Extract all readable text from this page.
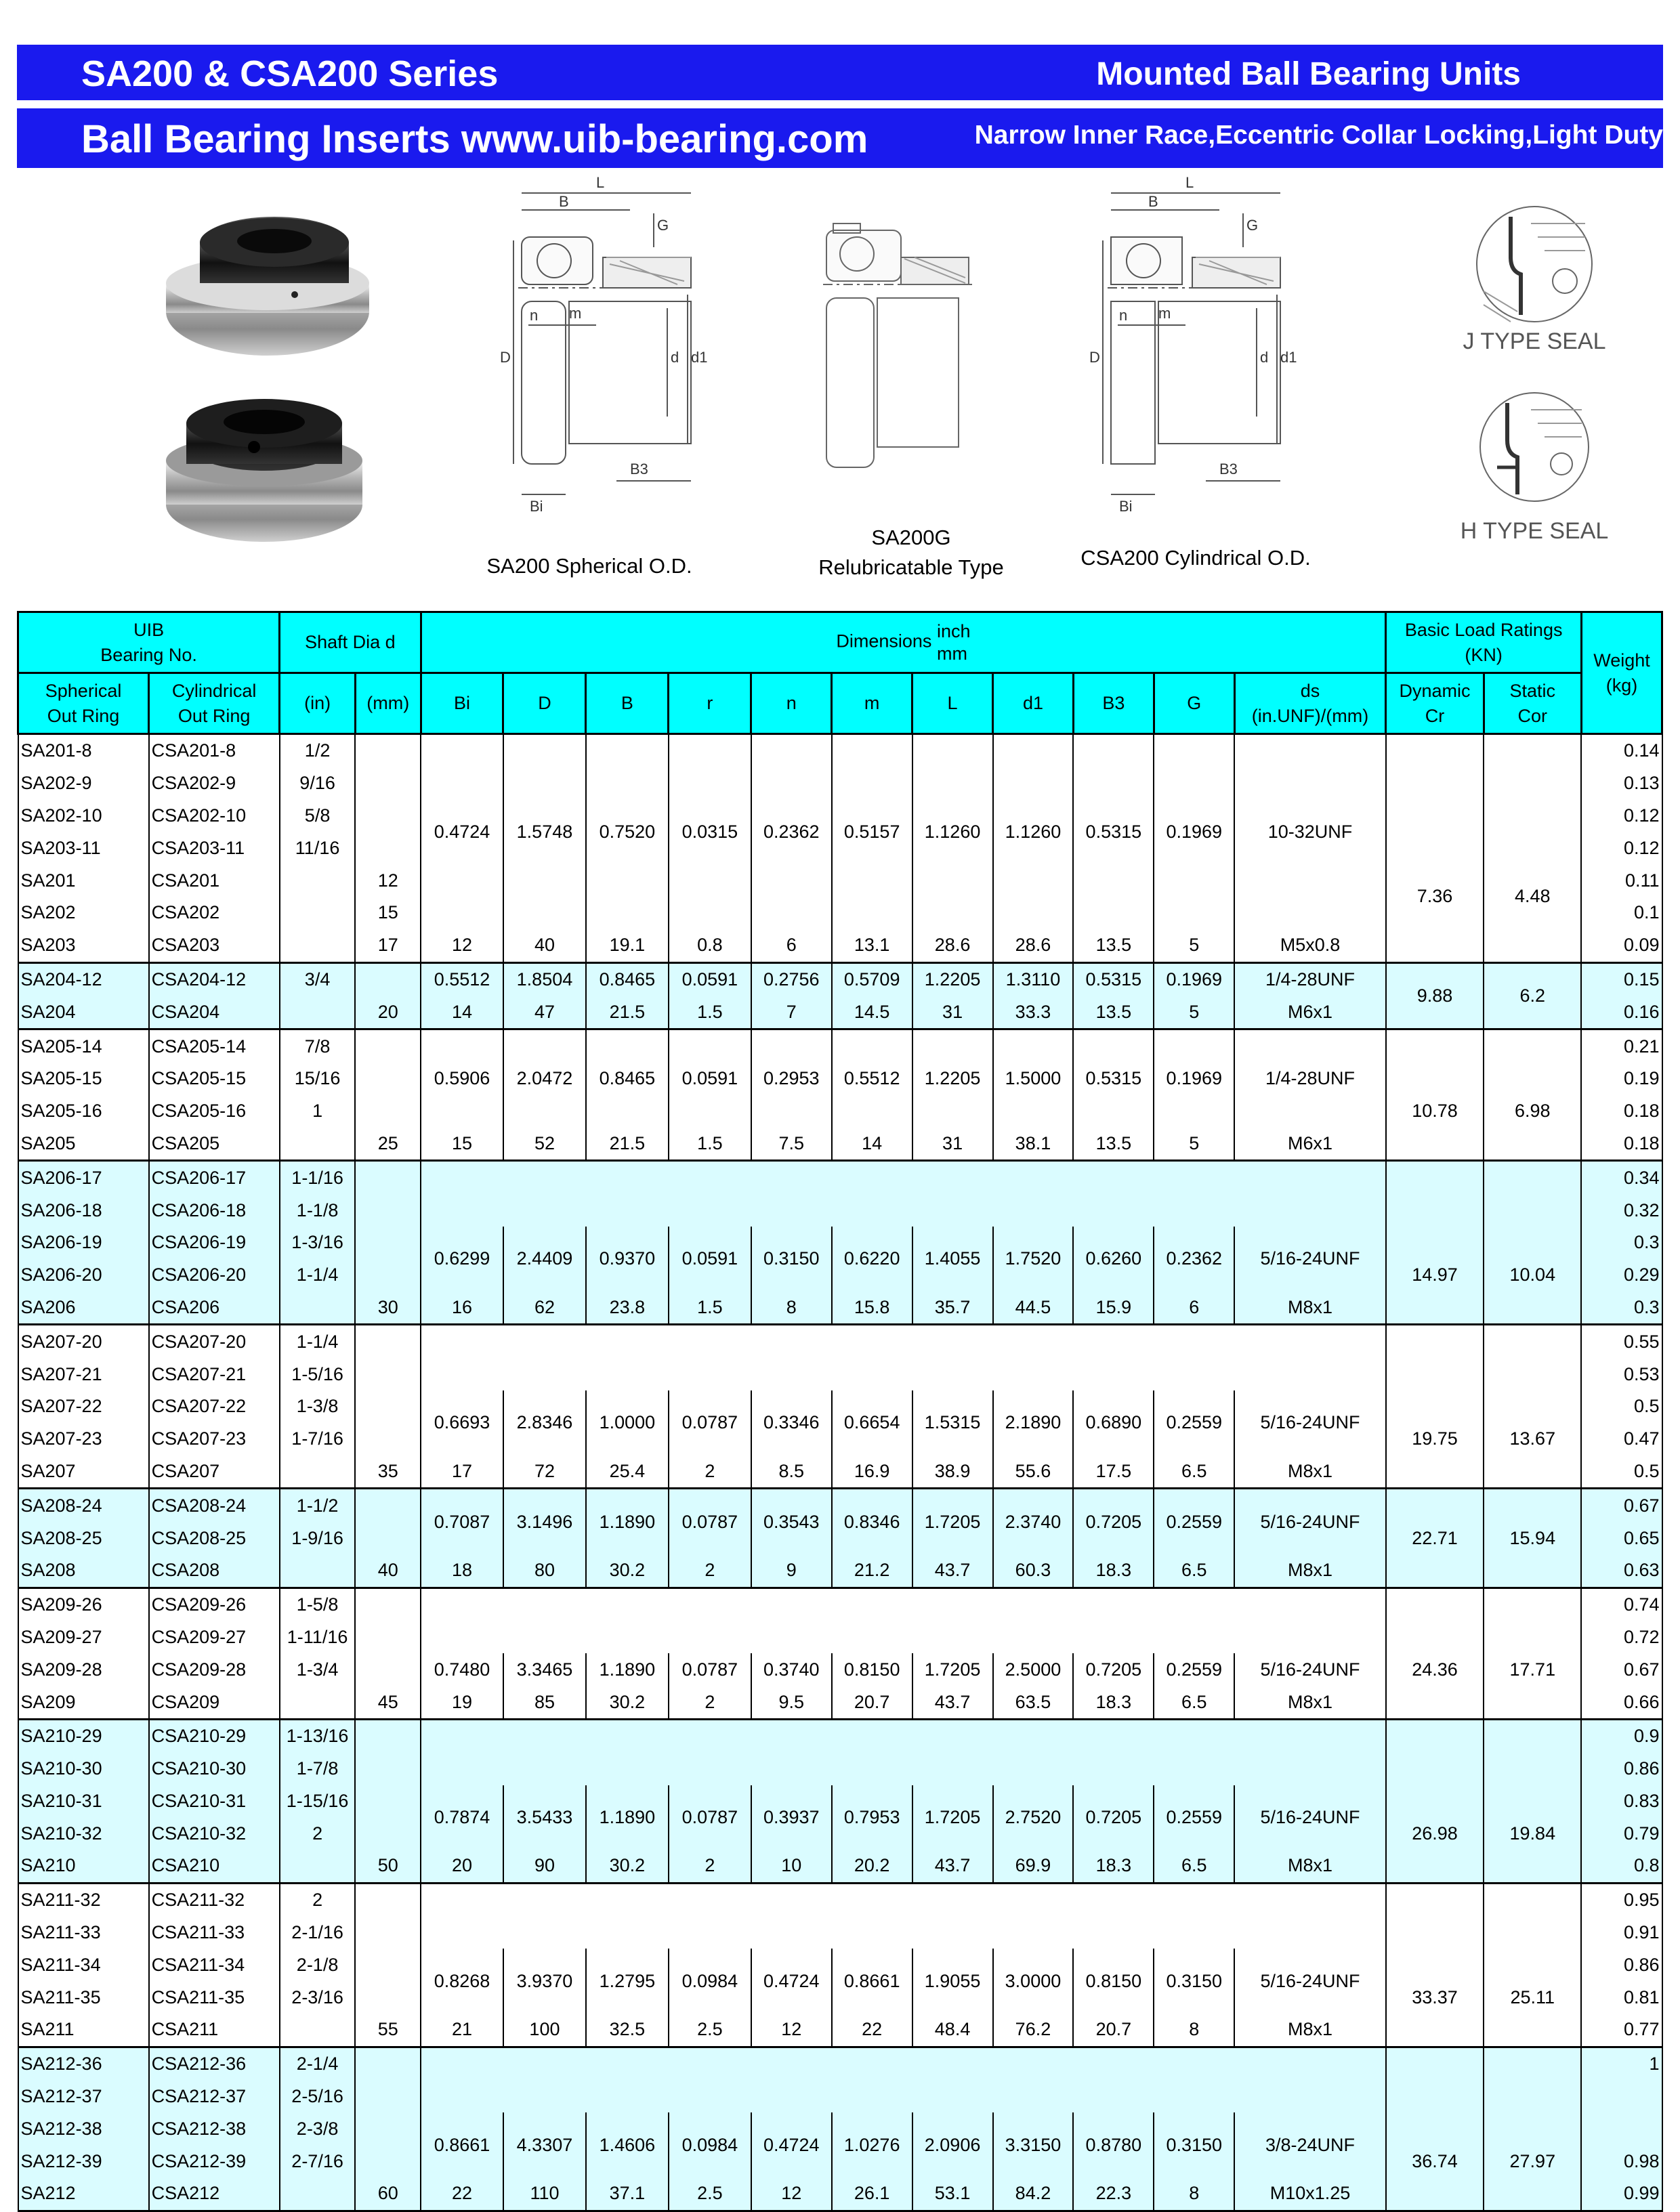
SA200 & CSA200 Series	Mounted Ball Bearing Units
Ball Bearing Inserts www.uib-bearing.com	Narrow Inner Race,Eccentric Collar Locking,Light Duty
L
B
G
D
n m
d d1
Bi
B3
L
B
G
D
n m
d d1
Bi
B3
J TYPE SEAL
H TYPE SEAL
SA200 Spherical O.D.
SA200G
Relubricatable Type	CSA200 Cylindrical O.D.
UIB
Bearing No.		Shaft Dia d		Dimensions inch
mm											Basic Load Ratings
(KN)		Weight
(kg)
Spherical
Out Ring	Cylindrical
Out Ring	(in)	(mm)	Bi	D	B	r	n	m	L	d1	B3	G	ds
(in.UNF)/(mm)	Dynamic
Cr	Static
Cor	
SA201-8	CSA201-8	1/2		0.4724	1.5748	0.7520	0.0315	0.2362	0.5157	1.1260	1.1260	0.5315	0.1969	10-32UNF			0.14
SA202-9	CSA202-9	9/16															0.13
SA202-10	CSA202-10	5/8															0.12
SA203-11	CSA203-11	11/16													7.36	4.48	0.12
SA201	CSA201		12														0.11
SA202	CSA202		15														0.1
SA203	CSA203		17	12	40	19.1	0.8	6	13.1	28.6	28.6	13.5	5	M5x0.8			0.09
SA204-12	CSA204-12	3/4		0.5512	1.8504	0.8465	0.0591	0.2756	0.5709	1.2205	1.3110	0.5315	0.1969	1/4-28UNF	9.88	6.2	0.15
SA204	CSA204		20	14	47	21.5	1.5	7	14.5	31	33.3	13.5	5	M6x1			0.16
SA205-14	CSA205-14	7/8		0.5906	2.0472	0.8465	0.0591	0.2953	0.5512	1.2205	1.5000	0.5315	0.1969	1/4-28UNF			0.21
SA205-15	CSA205-15	15/16													10.78	6.98	0.19
SA205-16	CSA205-16	1															0.18
SA205	CSA205		25	15	52	21.5	1.5	7.5	14	31	38.1	13.5	5	M6x1			0.18
SA206-17	CSA206-17	1-1/16															0.34
SA206-18	CSA206-18	1-1/8															0.32
SA206-19	CSA206-19	1-3/16		0.6299	2.4409	0.9370	0.0591	0.3150	0.6220	1.4055	1.7520	0.6260	0.2362	5/16-24UNF	14.97	10.04	0.3
SA206-20	CSA206-20	1-1/4															0.29
SA206	CSA206		30	16	62	23.8	1.5	8	15.8	35.7	44.5	15.9	6	M8x1			0.3
SA207-20	CSA207-20	1-1/4															0.55
SA207-21	CSA207-21	1-5/16															0.53
SA207-22	CSA207-22	1-3/8		0.6693	2.8346	1.0000	0.0787	0.3346	0.6654	1.5315	2.1890	0.6890	0.2559	5/16-24UNF	19.75	13.67	0.5
SA207-23	CSA207-23	1-7/16															0.47
SA207	CSA207		35	17	72	25.4	2	8.5	16.9	38.9	55.6	17.5	6.5	M8x1			0.5
SA208-24	CSA208-24	1-1/2		0.7087	3.1496	1.1890	0.0787	0.3543	0.8346	1.7205	2.3740	0.7205	0.2559	5/16-24UNF	22.71	15.94	0.67
SA208-25	CSA208-25	1-9/16															0.65
SA208	CSA208		40	18	80	30.2	2	9	21.2	43.7	60.3	18.3	6.5	M8x1			0.63
SA209-26	CSA209-26	1-5/8															0.74
SA209-27	CSA209-27	1-11/16													24.36	17.71	0.72
SA209-28	CSA209-28	1-3/4		0.7480	3.3465	1.1890	0.0787	0.3740	0.8150	1.7205	2.5000	0.7205	0.2559	5/16-24UNF			0.67
SA209	CSA209		45	19	85	30.2	2	9.5	20.7	43.7	63.5	18.3	6.5	M8x1			0.66
SA210-29	CSA210-29	1-13/16															0.9
SA210-30	CSA210-30	1-7/8															0.86
SA210-31	CSA210-31	1-15/16		0.7874	3.5433	1.1890	0.0787	0.3937	0.7953	1.7205	2.7520	0.7205	0.2559	5/16-24UNF	26.98	19.84	0.83
SA210-32	CSA210-32	2															0.79
SA210	CSA210		50	20	90	30.2	2	10	20.2	43.7	69.9	18.3	6.5	M8x1			0.8
SA211-32	CSA211-32	2															0.95
SA211-33	CSA211-33	2-1/16															0.91
SA211-34	CSA211-34	2-1/8		0.8268	3.9370	1.2795	0.0984	0.4724	0.8661	1.9055	3.0000	0.8150	0.3150	5/16-24UNF	33.37	25.11	0.86
SA211-35	CSA211-35	2-3/16															0.81
SA211	CSA211		55	21	100	32.5	2.5	12	22	48.4	76.2	20.7	8	M8x1			0.77
SA212-36	CSA212-36	2-1/4															1
SA212-37	CSA212-37	2-5/16															
SA212-38	CSA212-38	2-3/8		0.8661	4.3307	1.4606	0.0984	0.4724	1.0276	2.0906	3.3150	0.8780	0.3150	3/8-24UNF	36.74	27.97	
SA212-39	CSA212-39	2-7/16															0.98
SA212	CSA212		60	22	110	37.1	2.5	12	26.1	53.1	84.2	22.3	8	M10x1.25			0.99
